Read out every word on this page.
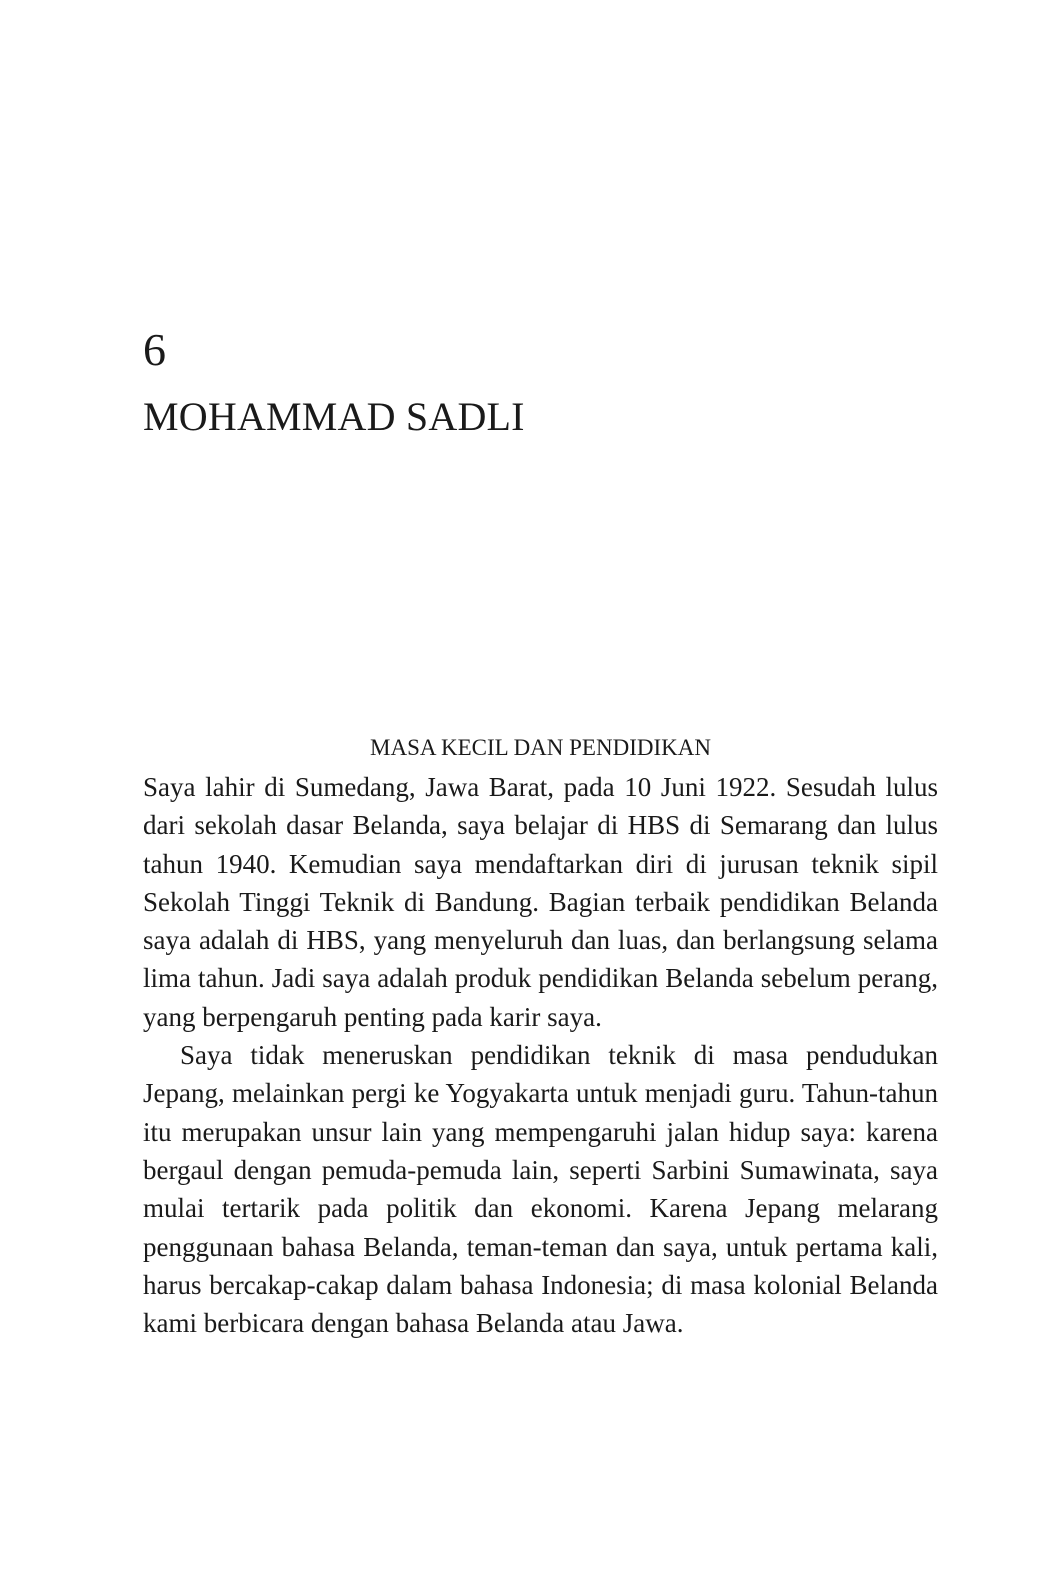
6
MOHAMMAD SADLI
MASA KECIL DAN PENDIDIKAN

Saya lahir di Sumedang, Jawa Barat, pada 10 Juni 1922. Sesudah lulus dari sekolah dasar Belanda, saya belajar di HBS di Semarang dan lulus tahun 1940. Kemudian saya mendaftarkan diri di jurusan teknik sipil Sekolah Tinggi Teknik di Bandung. Bagian terbaik pendidikan Belanda saya adalah di HBS, yang menyeluruh dan luas, dan berlangsung selama lima tahun. Jadi saya adalah produk pendidikan Belanda sebelum perang, yang berpengaruh penting pada karir saya.

Saya tidak meneruskan pendidikan teknik di masa pendudukan Jepang, melainkan pergi ke Yogyakarta untuk menjadi guru. Tahun-tahun itu merupakan unsur lain yang mempengaruhi jalan hidup saya: karena bergaul dengan pemuda-pemuda lain, seperti Sarbini Sumawinata, saya mulai tertarik pada politik dan ekonomi. Karena Jepang melarang penggunaan bahasa Belanda, teman-teman dan saya, untuk pertama kali, harus bercakap-cakap dalam bahasa Indonesia; di masa kolonial Belanda kami berbicara dengan bahasa Belanda atau Jawa.
